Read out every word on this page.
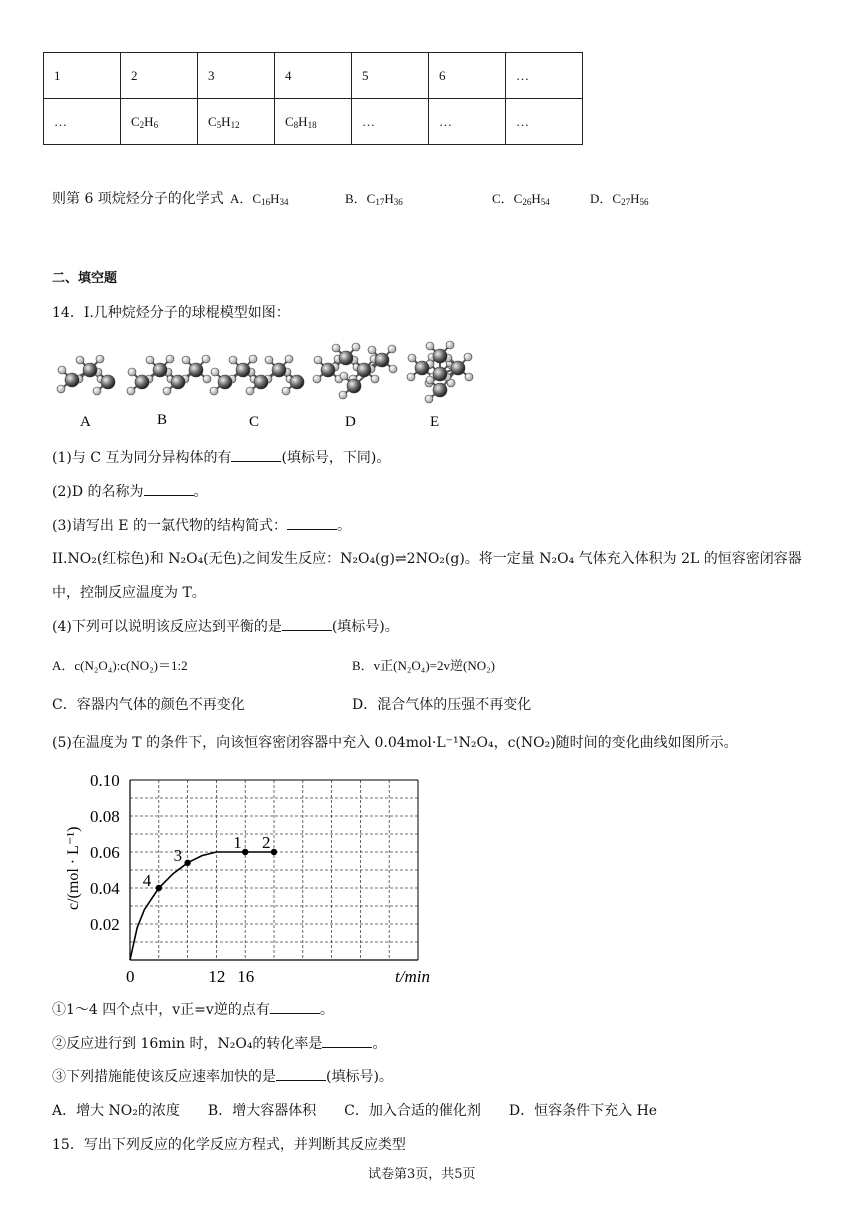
1	2	3	4	5	6	…
…	$C_2H_6$	$C_5H_{12}$	$C_8H_{18}$	…	…	…
则第 6 项烷烃分子的化学式 A．$C_{16}H_{34}$	B．$C_{17}H_{36}$	C．$C_{26}H_{54}$	D．$C_{27}H_{56}$
二、填空题
14．I.几种烷烃分子的球棍模型如图：
A	B	C	D	E
(1)与 C 互为同分异构体的有	(填标号，下同)。
(2)D 的名称为	。
(3)请写出 E 的一氯代物的结构简式：	。
II.NO₂(红棕色)和 N₂O₄(无色)之间发生反应：N₂O₄(g)⇌2NO₂(g)。将一定量 N₂O₄ 气体充入体积为 2L 的恒容密闭容器
中，控制反应温度为 T。
(4)下列可以说明该反应达到平衡的是	(填标号)。
A．c(N₂O₄):c(NO₂)＝1:2	B．v正(N₂O₄)=2v逆(NO₂)
C．容器内气体的颜色不再变化	D．混合气体的压强不再变化
(5)在温度为 T 的条件下，向该恒容密闭容器中充入 0.04mol·L⁻¹N₂O₄，c(NO₂)随时间的变化曲线如图所示。
0.10
0.08
0.06
0.04
0.02
0	12 16	t/min
c/(mol · L⁻¹)	4
3
1 2
①1～4 四个点中，v正=v逆的点有	。
②反应进行到 16min 时，N₂O₄的转化率是	。
③下列措施能使该反应速率加快的是	(填标号)。
A．增大 NO₂的浓度　　B．增大容器体积　　C．加入合适的催化剂　　D．恒容条件下充入 He
15．写出下列反应的化学反应方程式，并判断其反应类型
试卷第3页，共5页
